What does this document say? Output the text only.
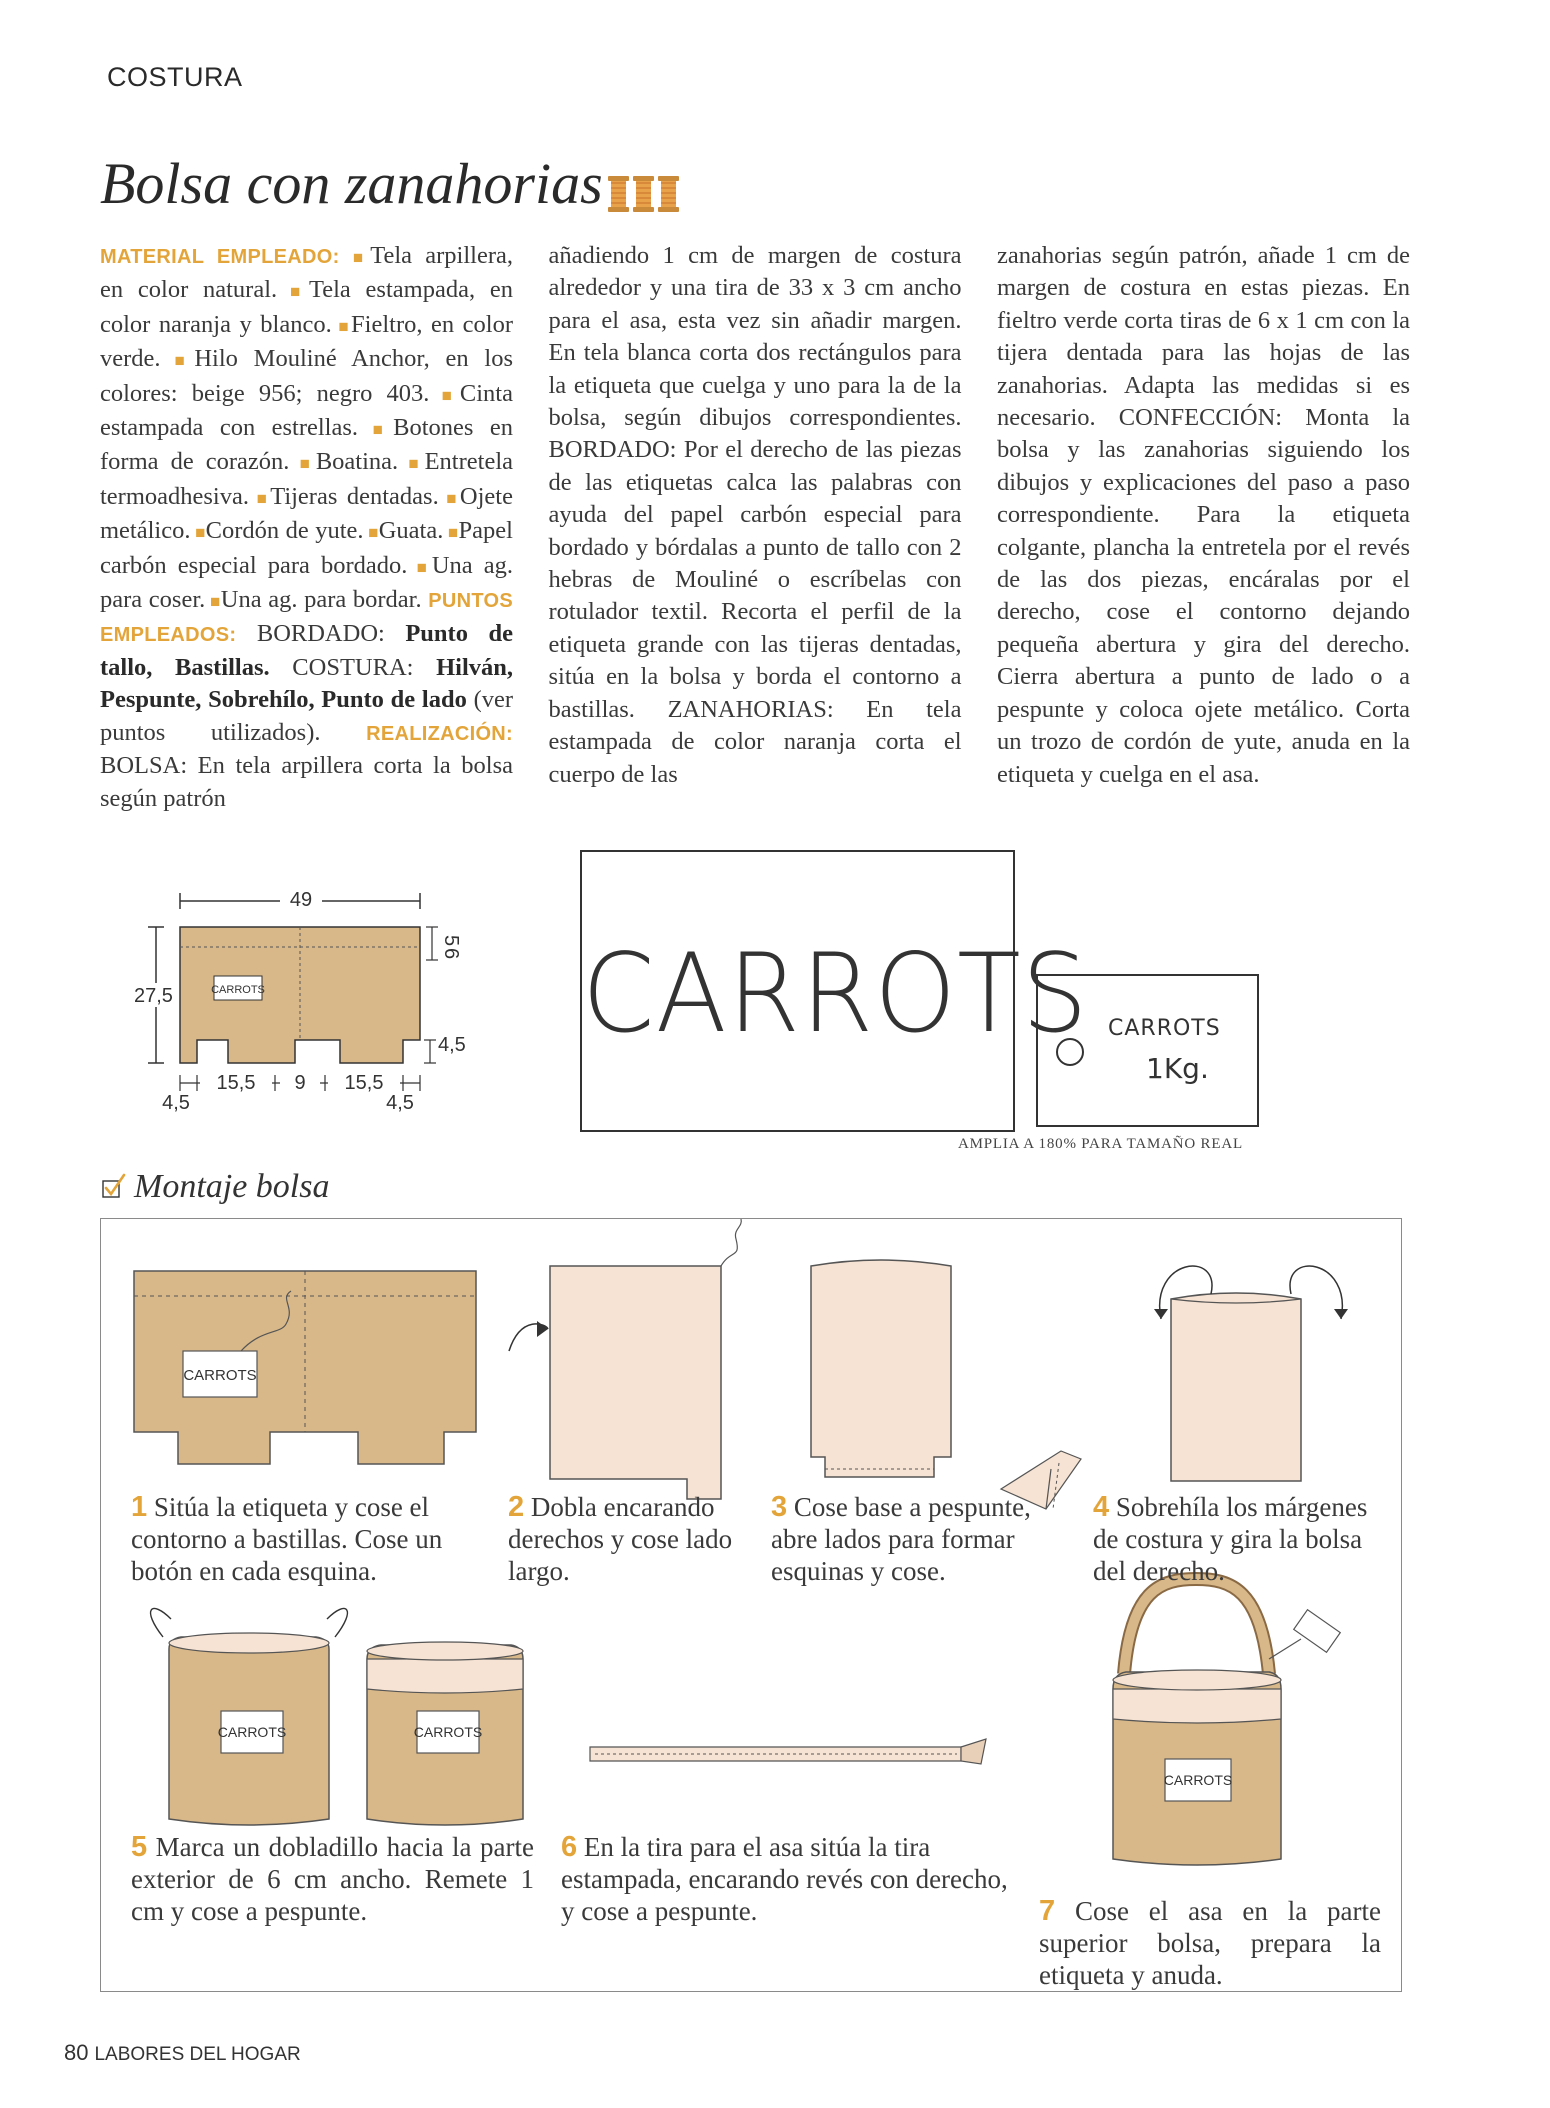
COSTURA
Bolsa con zanahorias
MATERIAL EMPLEADO: ■Tela arpillera, en color natural. ■Tela estampada, en color naranja y blanco. ■Fieltro, en color verde. ■Hilo Mouliné Anchor, en los colores: beige 956; negro 403. ■Cinta estampada con estrellas. ■Botones en forma de corazón. ■Boatina. ■Entretela termoadhesiva. ■Tijeras dentadas. ■Ojete metálico. ■Cordón de yute. ■Guata. ■Papel carbón especial para bordado. ■Una ag. para coser. ■Una ag. para bordar. PUNTOS EMPLEADOS: BORDADO: Punto de tallo, Bastillas. COSTURA: Hilván, Pespunte, Sobrehílo, Punto de lado (ver puntos utilizados). REALIZACIÓN: BOLSA: En tela arpillera corta la bolsa según patrón
añadiendo 1 cm de margen de costura alrededor y una tira de 33 x 3 cm ancho para el asa, esta vez sin añadir margen. En tela blanca corta dos rectángulos para la etiqueta que cuelga y uno para la de la bolsa, según dibujos correspondientes. BORDADO: Por el derecho de las piezas de las etiquetas calca las palabras con ayuda del papel carbón especial para bordado y bórdalas a punto de tallo con 2 hebras de Mouliné o escríbelas con rotulador textil. Recorta el perfil de la etiqueta grande con las tijeras dentadas, sitúa en la bolsa y borda el contorno a bastillas. ZANAHORIAS: En tela estampada de color naranja corta el cuerpo de las
zanahorias según patrón, añade 1 cm de margen de costura en estas piezas. En fieltro verde corta tiras de 6 x 1 cm con la tijera dentada para las hojas de las zanahorias. Adapta las medidas si es necesario. CONFECCIÓN: Monta la bolsa y las zanahorias siguiendo los dibujos y explicaciones del paso a paso correspondiente. Para la etiqueta colgante, plancha la entretela por el revés de las dos piezas, encáralas por el derecho, cose el contorno dejando pequeña abertura y gira del derecho. Cierra abertura a punto de lado o a pespunte y coloca ojete metálico. Corta un trozo de cordón de yute, anuda en la etiqueta y cuelga en el asa.
49
27,5	CARROTS
5
6
4,5
15,5 9 15,5
4,5	4,5
CARROTS CARROTS
1Kg.
AMPLIA A 180% PARA TAMAÑO REAL
Montaje bolsa
CARROTS
CARROTS	CARROTS
CARROTS
1 Sitúa la etiqueta y cose el contorno a bastillas. Cose un botón en cada esquina.
2 Dobla encarando derechos y cose lado largo.
3 Cose base a pespunte, abre lados para formar esquinas y cose.
4 Sobrehíla los márgenes de costura y gira la bolsa del derecho.
5 Marca un dobladillo hacia la parte exterior de 6 cm ancho. Remete 1 cm y cose a pespunte.
6 En la tira para el asa sitúa la tira estampada, encarando revés con derecho, y cose a pespunte.	7 Cose el asa en la parte superior bolsa, prepara la etiqueta y anuda.
80 LABORES DEL HOGAR
